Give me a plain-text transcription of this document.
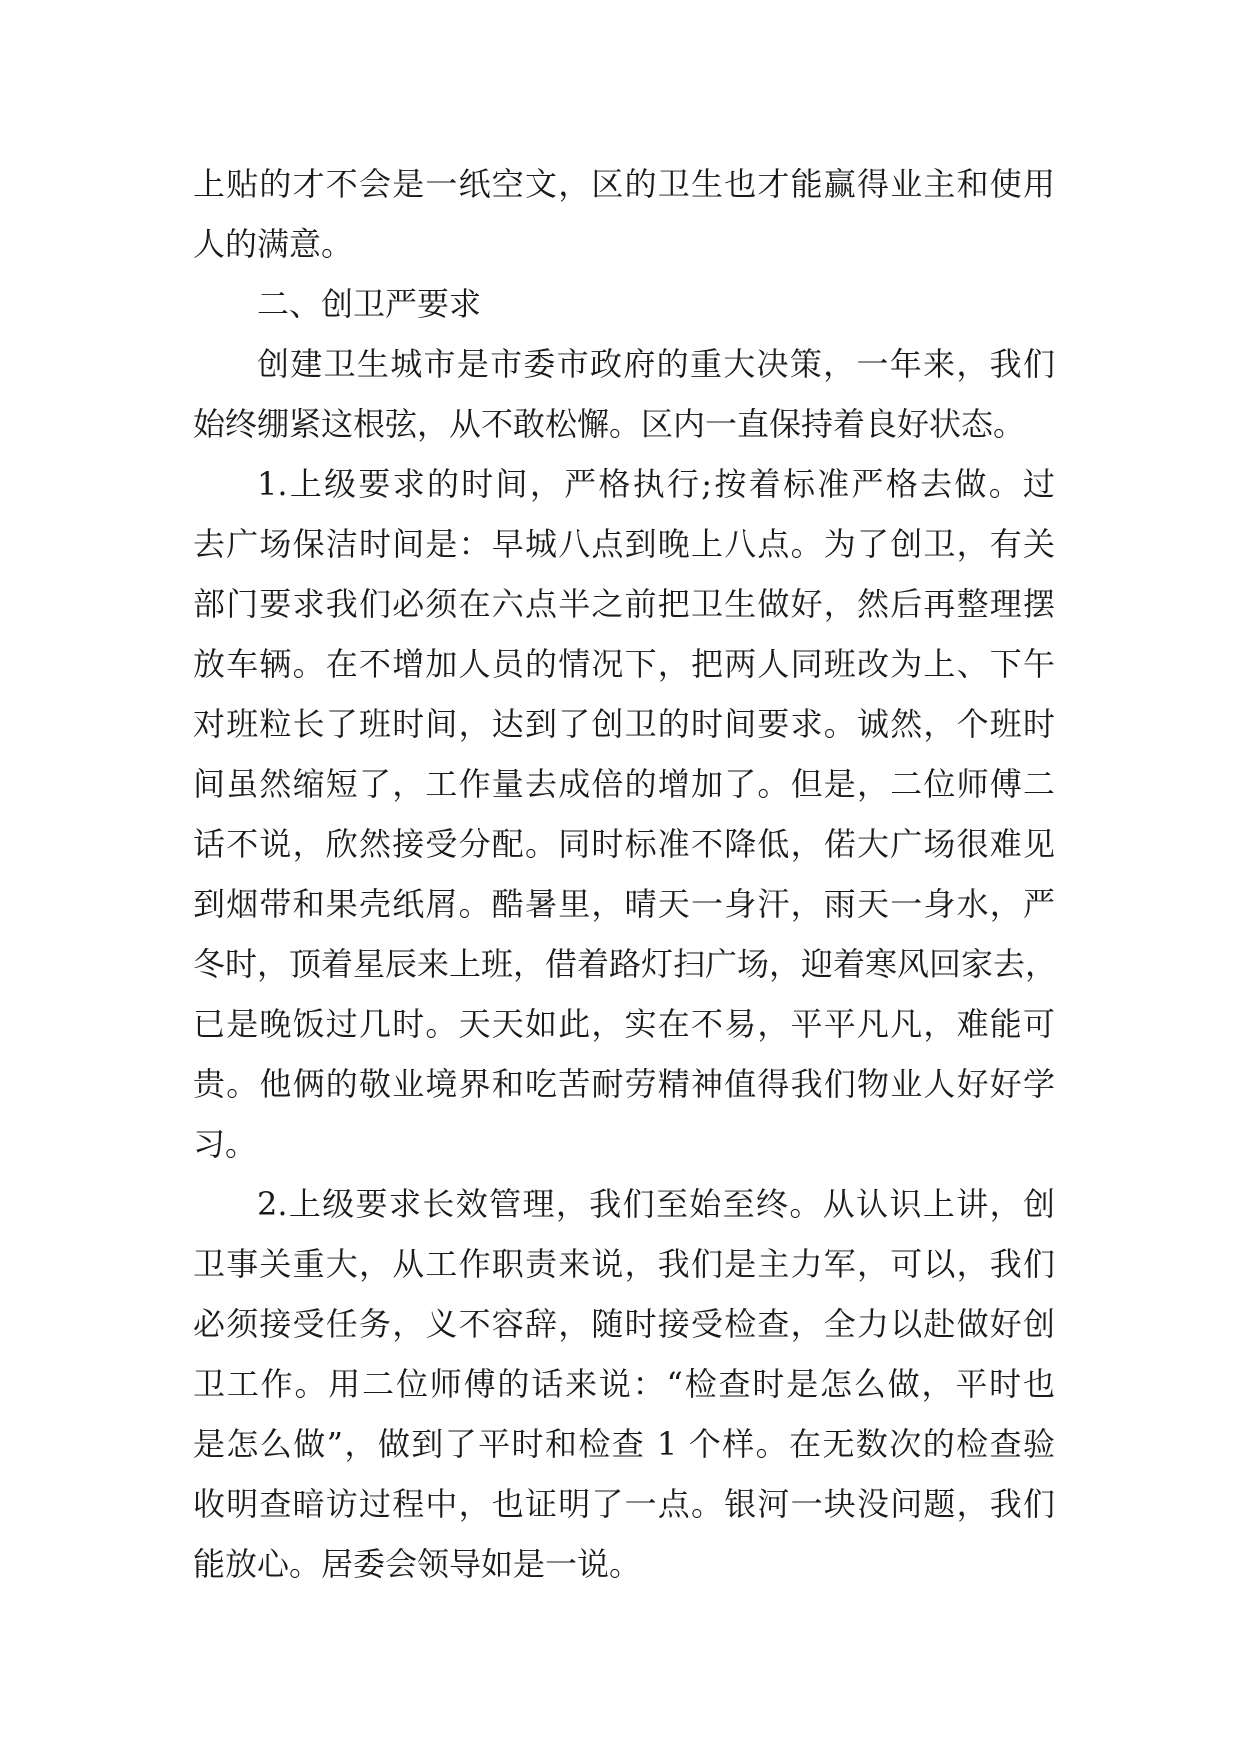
上贴的才不会是一纸空文，区的卫生也才能赢得业主和使用
人的满意。
二、创卫严要求
创建卫生城市是市委市政府的重大决策，一年来，我们
始终绷紧这根弦，从不敢松懈。区内一直保持着良好状态。
1.上级要求的时间，严格执行;按着标准严格去做。过
去广场保洁时间是：早城八点到晚上八点。为了创卫，有关
部门要求我们必须在六点半之前把卫生做好，然后再整理摆
放车辆。在不增加人员的情况下，把两人同班改为上、下午
对班粒长了班时间，达到了创卫的时间要求。诚然，个班时
间虽然缩短了，工作量去成倍的增加了。但是，二位师傅二
话不说，欣然接受分配。同时标准不降低，偌大广场很难见
到烟带和果壳纸屑。酷暑里，晴天一身汗，雨天一身水，严
冬时，顶着星辰来上班，借着路灯扫广场，迎着寒风回家去，
已是晚饭过几时。天天如此，实在不易，平平凡凡，难能可
贵。他俩的敬业境界和吃苦耐劳精神值得我们物业人好好学
习。
2.上级要求长效管理，我们至始至终。从认识上讲，创
卫事关重大，从工作职责来说，我们是主力军，可以，我们
必须接受任务，义不容辞，随时接受检查，全力以赴做好创
卫工作。用二位师傅的话来说：“检查时是怎么做，平时也
是怎么做”，做到了平时和检查 1 个样。在无数次的检查验
收明查暗访过程中，也证明了一点。银河一块没问题，我们
能放心。居委会领导如是一说。
